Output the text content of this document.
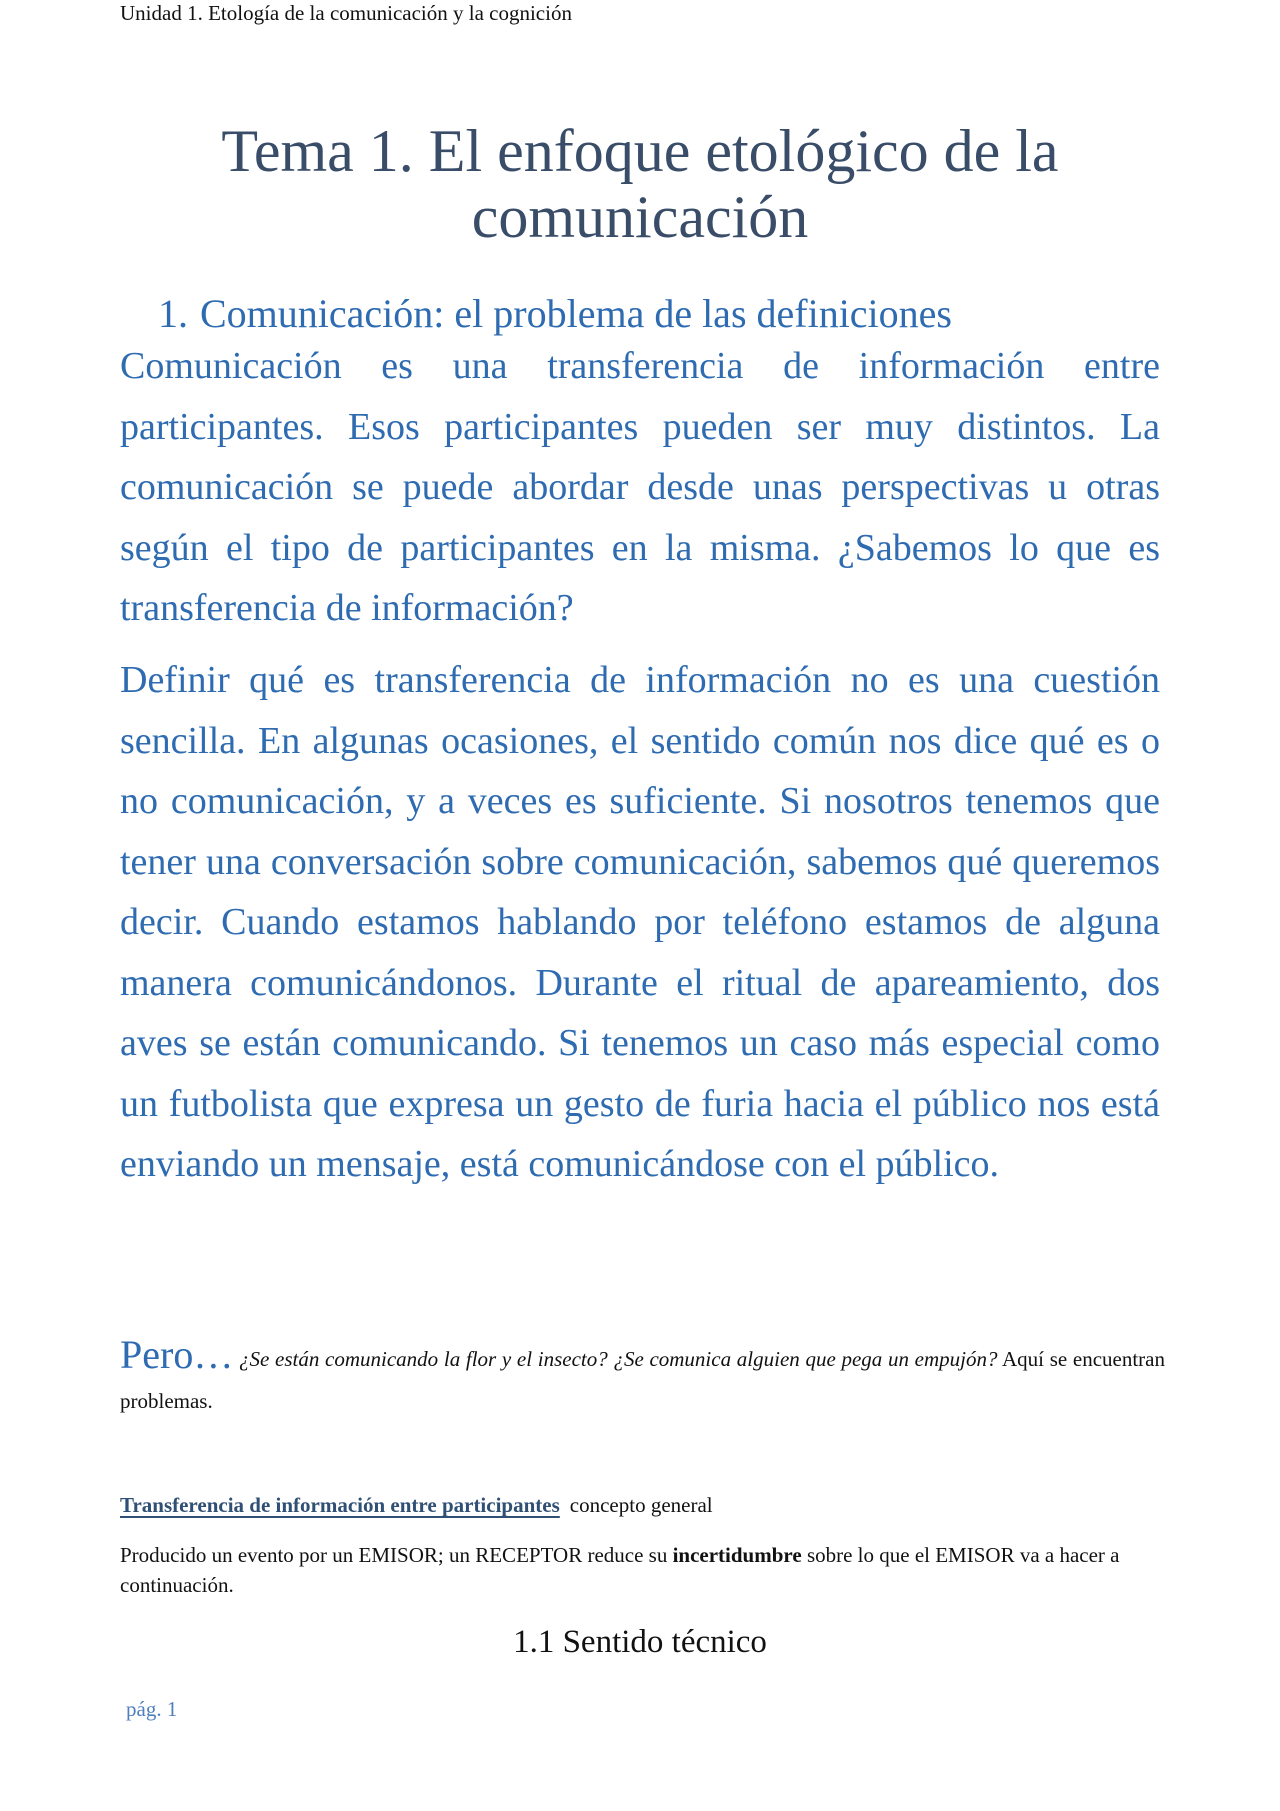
Unidad 1. Etología de la comunicación y la cognición
Tema 1. El enfoque etológico de la comunicación
1. Comunicación: el problema de las definiciones

Comunicación es una transferencia de información entre participantes. Esos participantes pueden ser muy distintos. La comunicación se puede abordar desde unas perspectivas u otras según el tipo de participantes en la misma. ¿Sabemos lo que es transferencia de información?

Definir qué es transferencia de información no es una cuestión sencilla. En algunas ocasiones, el sentido común nos dice qué es o no comunicación, y a veces es suficiente. Si nosotros tenemos que tener una conversación sobre comunicación, sabemos qué queremos decir. Cuando estamos hablando por teléfono estamos de alguna manera comunicándonos. Durante el ritual de apareamiento, dos aves se están comunicando. Si tenemos un caso más especial como un futbolista que expresa un gesto de furia hacia el público nos está enviando un mensaje, está comunicándose con el público.

Pero… ¿Se están comunicando la flor y el insecto? ¿Se comunica alguien que pega un empujón? Aquí se encuentran problemas.

Transferencia de información entre participantes concepto general

Producido un evento por un EMISOR; un RECEPTOR reduce su incertidumbre sobre lo que el EMISOR va a hacer a continuación.

1.1 Sentido técnico
pág. 1
